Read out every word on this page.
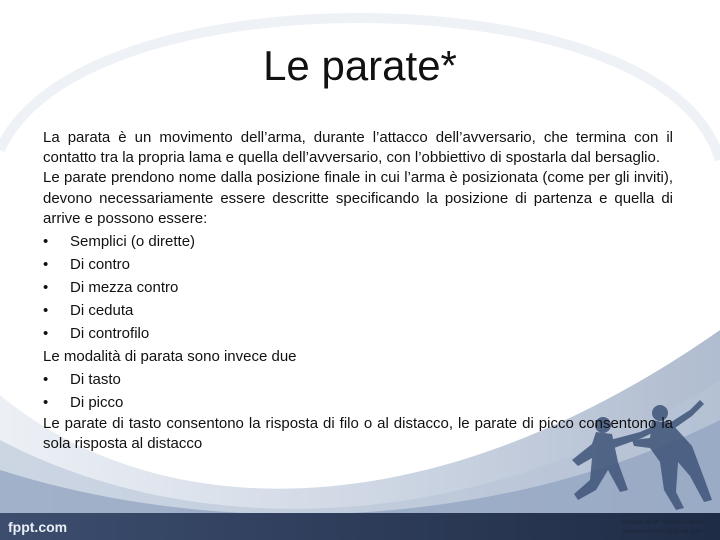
Le parate*

La parata è un movimento dell’arma, durante l’attacco dell’avversario, che termina con il contatto tra la propria lama e quella dell’avversario, con l’obbiettivo di spostarla dal bersaglio.

Le parate prendono nome dalla posizione finale in cui l’arma è posizionata (come per gli inviti), devono necessariamente essere descritte specificando la posizione di partenza e quella di arrive e possono essere:

•	Semplici (o dirette)
•	Di contro
•	Di mezza contro
•	Di ceduta
•	Di controfilo

Le modalità di parata sono invece due

•	Di tasto
•	Di picco

Le parate di tasto consentono la risposta di filo o al distacco, le parate di picco consentono la sola risposta al distacco

fppt.com	Created by M° Stefano Cerioni
giocatorischerma@gmail.com
